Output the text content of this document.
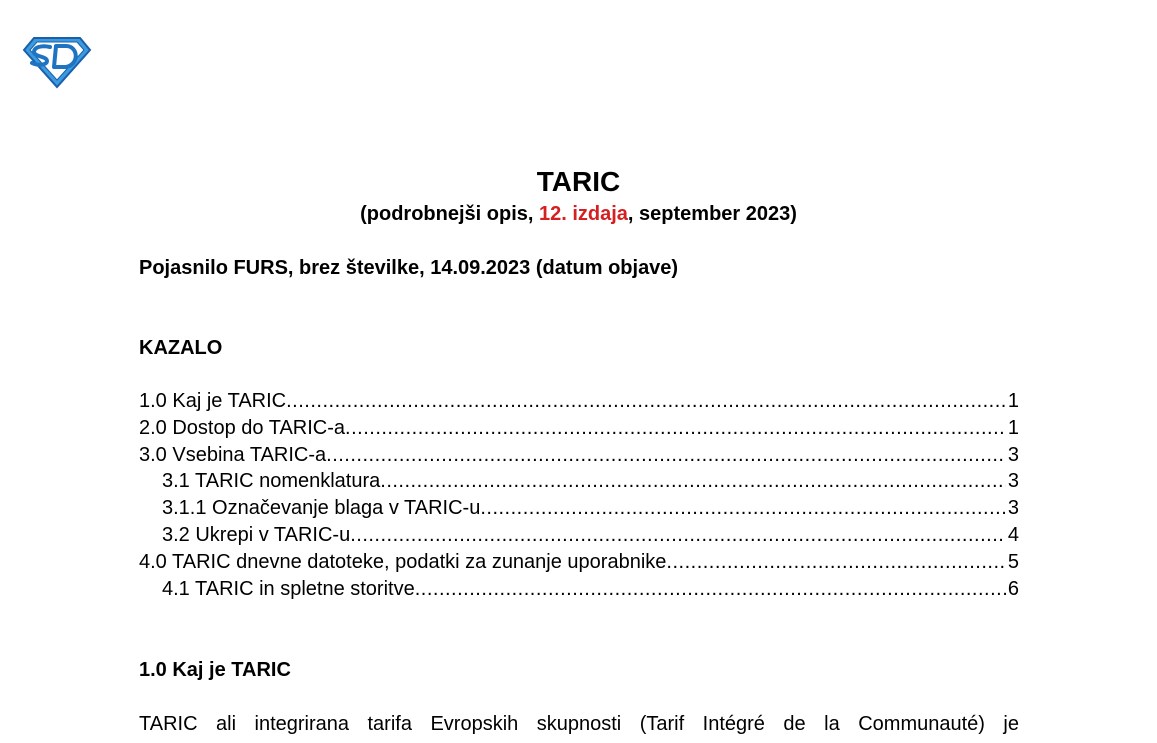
TARIC
(podrobnejši opis, 12. izdaja, september 2023)
Pojasnilo FURS, brez številke, 14.09.2023 (datum objave)
KAZALO
1.0 Kaj je TARIC .....	1
2.0 Dostop do TARIC-a .....	1
3.0 Vsebina TARIC-a .....	3
3.1 TARIC nomenklatura .....	3
3.1.1 Označevanje blaga v TARIC-u .....	3
3.2 Ukrepi v TARIC-u .....	4
4.0 TARIC dnevne datoteke, podatki za zunanje uporabnike .....	5
4.1 TARIC in spletne storitve .....	6
1.0 Kaj je TARIC
TARIC ali integrirana tarifa Evropskih skupnosti (Tarif Intégré de la Communauté) je
